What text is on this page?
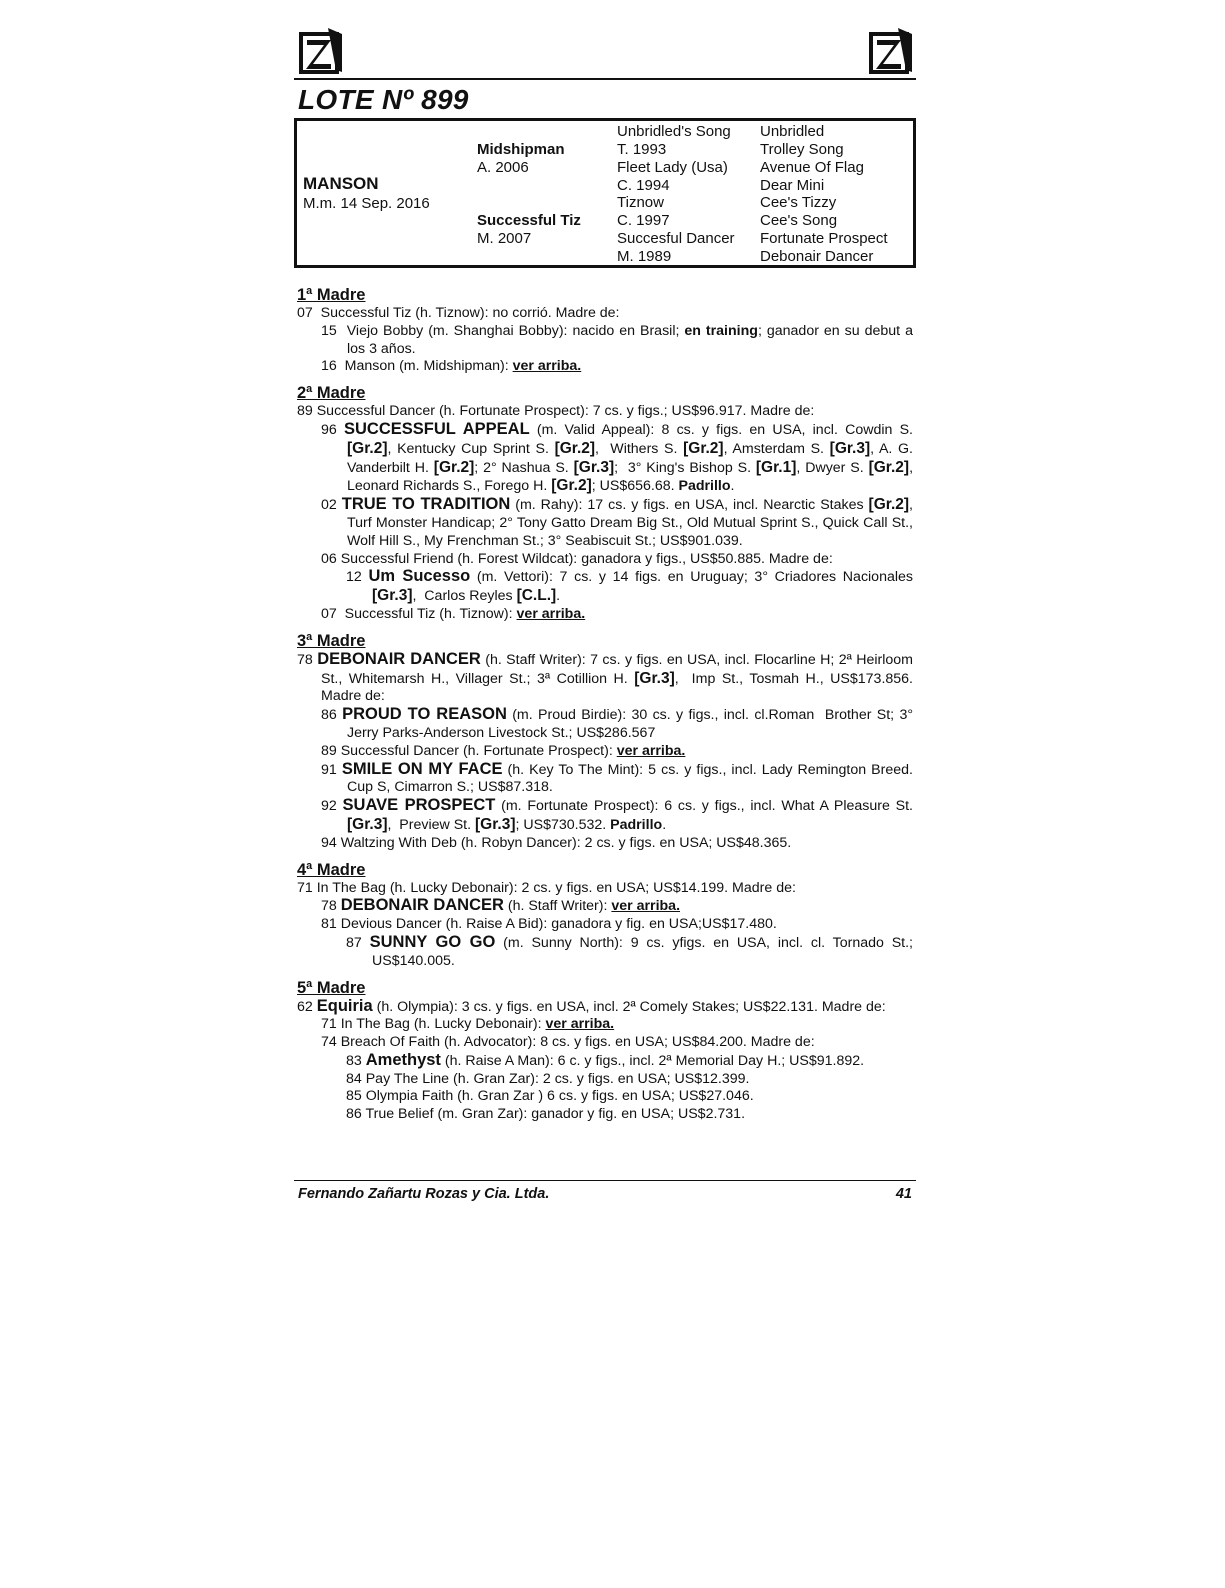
LOTE Nº 899
MANSON
M.m. 14 Sep. 2016
Midshipman
A. 2006
Successful Tiz
M. 2007
Unbridled's Song
T. 1993
Fleet Lady (Usa)
C. 1994
Tiznow
C. 1997
Succesful Dancer
M. 1989
Unbridled
Trolley Song
Avenue Of Flag
Dear Mini
Cee's Tizzy
Cee's Song
Fortunate Prospect
Debonair Dancer
1ª Madre
07  Successful Tiz (h. Tiznow): no corrió. Madre de:
15  Viejo Bobby (m. Shanghai Bobby): nacido en Brasil; en training; ganador en su debut a los 3 años.
16  Manson (m. Midshipman): ver arriba.
2ª Madre
89 Successful Dancer (h. Fortunate Prospect): 7 cs. y figs.; US$96.917. Madre de:
96 SUCCESSFUL APPEAL (m. Valid Appeal): 8 cs. y figs. en USA, incl. Cowdin S. [Gr.2], Kentucky Cup Sprint S. [Gr.2],  Withers S. [Gr.2], Amsterdam S. [Gr.3], A. G. Vanderbilt H. [Gr.2]; 2° Nashua S. [Gr.3];  3° King's Bishop S. [Gr.1], Dwyer S. [Gr.2], Leonard Richards S., Forego H. [Gr.2]; US$656.68. Padrillo.
02 TRUE TO TRADITION (m. Rahy): 17 cs. y figs. en USA, incl. Nearctic Stakes [Gr.2], Turf Monster Handicap; 2° Tony Gatto Dream Big St., Old Mutual Sprint S., Quick Call St., Wolf Hill S., My Frenchman St.; 3° Seabiscuit St.; US$901.039.
06 Successful Friend (h. Forest Wildcat): ganadora y figs., US$50.885. Madre de:
12 Um Sucesso (m. Vettori): 7 cs. y 14 figs. en Uruguay; 3° Criadores Nacionales [Gr.3],  Carlos Reyles [C.L.].
07  Successful Tiz (h. Tiznow): ver arriba.
3ª Madre
78 DEBONAIR DANCER (h. Staff Writer): 7 cs. y figs. en USA, incl. Flocarline H; 2ª Heirloom St., Whitemarsh H., Villager St.; 3ª Cotillion H. [Gr.3],  Imp St., Tosmah H., US$173.856. Madre de:
86 PROUD TO REASON (m. Proud Birdie): 30 cs. y figs., incl. cl.Roman  Brother St; 3° Jerry Parks-Anderson Livestock St.; US$286.567
89 Successful Dancer (h. Fortunate Prospect): ver arriba.
91 SMILE ON MY FACE (h. Key To The Mint): 5 cs. y figs., incl. Lady Remington Breed. Cup S, Cimarron S.; US$87.318.
92 SUAVE PROSPECT (m. Fortunate Prospect): 6 cs. y figs., incl. What A Pleasure St. [Gr.3],  Preview St. [Gr.3]; US$730.532. Padrillo.
94 Waltzing With Deb (h. Robyn Dancer): 2 cs. y figs. en USA; US$48.365.
4ª Madre
71 In The Bag (h. Lucky Debonair): 2 cs. y figs. en USA; US$14.199. Madre de:
78 DEBONAIR DANCER (h. Staff Writer): ver arriba.
81 Devious Dancer (h. Raise A Bid): ganadora y fig. en USA;US$17.480.
87 SUNNY GO GO (m. Sunny North): 9 cs. yfigs. en USA, incl. cl. Tornado St.; US$140.005.
5ª Madre
62 Equiria (h. Olympia): 3 cs. y figs. en USA, incl. 2ª Comely Stakes; US$22.131. Madre de:
71 In The Bag (h. Lucky Debonair): ver arriba.
74 Breach Of Faith (h. Advocator): 8 cs. y figs. en USA; US$84.200. Madre de:
83 Amethyst (h. Raise A Man): 6 c. y figs., incl. 2ª Memorial Day H.; US$91.892.
84 Pay The Line (h. Gran Zar): 2 cs. y figs. en USA; US$12.399.
85 Olympia Faith (h. Gran Zar ) 6 cs. y figs. en USA; US$27.046.
86 True Belief (m. Gran Zar): ganador y fig. en USA; US$2.731.
Fernando Zañartu Rozas y Cia. Ltda.	41
